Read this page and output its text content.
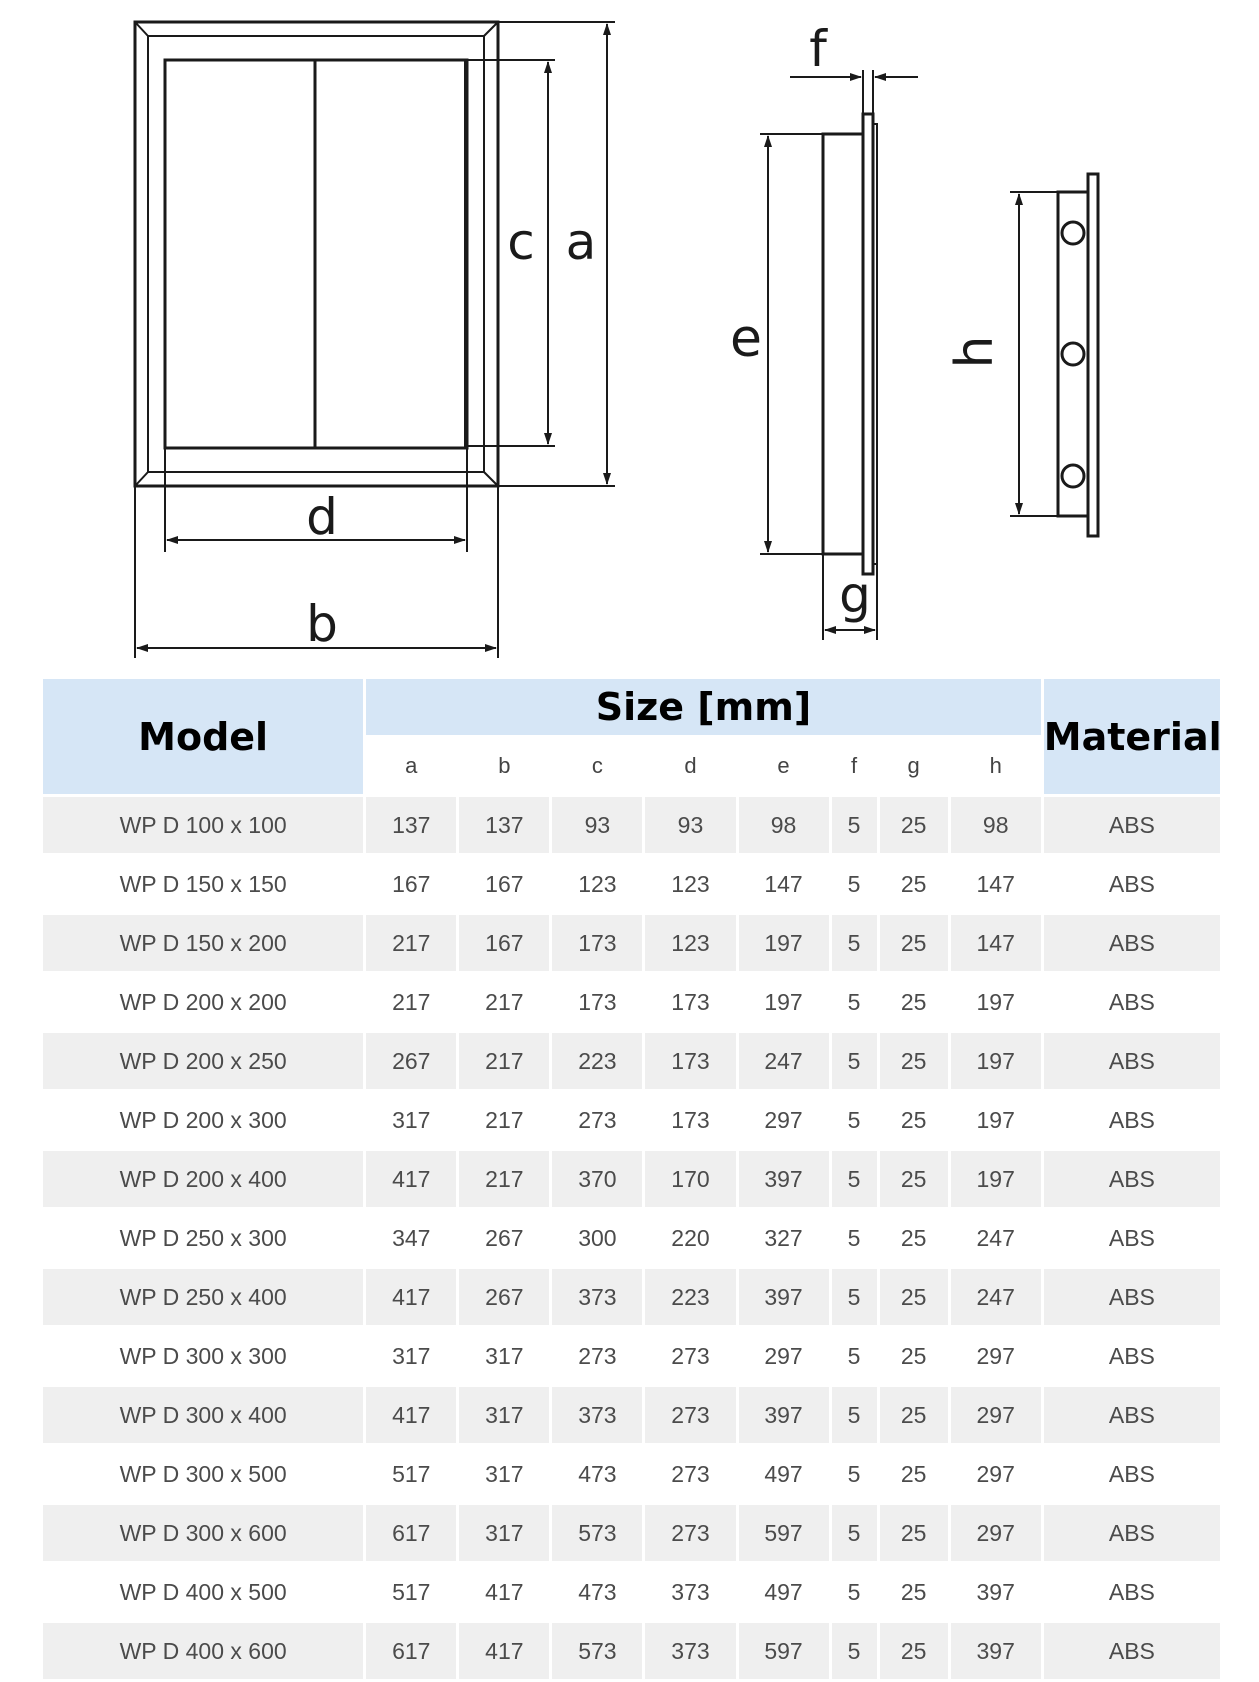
c a
d
b
e
f
g
h
Model	Size [mm]								Material
	a	b	c	d	e	f	g	h	
WP D 100 x 100	137	137	93	93	98	5	25	98	ABS
WP D 150 x 150	167	167	123	123	147	5	25	147	ABS
WP D 150 x 200	217	167	173	123	197	5	25	147	ABS
WP D 200 x 200	217	217	173	173	197	5	25	197	ABS
WP D 200 x 250	267	217	223	173	247	5	25	197	ABS
WP D 200 x 300	317	217	273	173	297	5	25	197	ABS
WP D 200 x 400	417	217	370	170	397	5	25	197	ABS
WP D 250 x 300	347	267	300	220	327	5	25	247	ABS
WP D 250 x 400	417	267	373	223	397	5	25	247	ABS
WP D 300 x 300	317	317	273	273	297	5	25	297	ABS
WP D 300 x 400	417	317	373	273	397	5	25	297	ABS
WP D 300 x 500	517	317	473	273	497	5	25	297	ABS
WP D 300 x 600	617	317	573	273	597	5	25	297	ABS
WP D 400 x 500	517	417	473	373	497	5	25	397	ABS
WP D 400 x 600	617	417	573	373	597	5	25	397	ABS
